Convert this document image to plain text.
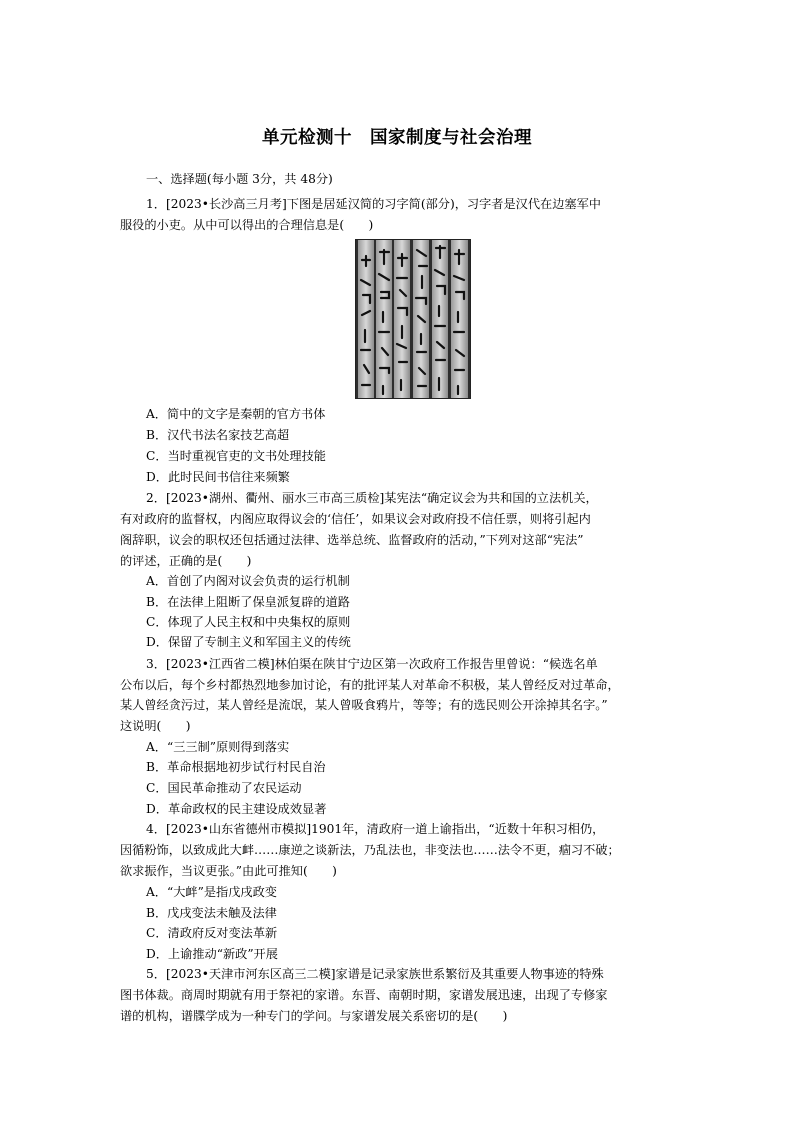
单元检测十　国家制度与社会治理
一、选择题(每小题 3分，共 48分)
1．[2023•长沙高三月考]下图是居延汉简的习字简(部分)，习字者是汉代在边塞军中
服役的小吏。从中可以得出的合理信息是(　　)
A．简中的文字是秦朝的官方书体
B．汉代书法名家技艺高超
C．当时重视官吏的文书处理技能
D．此时民间书信往来频繁
2．[2023•湖州、衢州、丽水三市高三质检]某宪法“确定议会为共和国的立法机关，
有对政府的监督权，内阁应取得议会的‘信任’，如果议会对政府投不信任票，则将引起内
阁辞职，议会的职权还包括通过法律、选举总统、监督政府的活动，”下列对这部“宪法”
的评述，正确的是(　　)
A．首创了内阁对议会负责的运行机制
B．在法律上阻断了保皇派复辟的道路
C．体现了人民主权和中央集权的原则
D．保留了专制主义和军国主义的传统
3．[2023•江西省二模]林伯渠在陕甘宁边区第一次政府工作报告里曾说：“候选名单
公布以后，每个乡村都热烈地参加讨论，有的批评某人对革命不积极，某人曾经反对过革命，
某人曾经贪污过，某人曾经是流氓，某人曾吸食鸦片，等等；有的选民则公开涂掉其名字。”
这说明(　　)
A．“三三制”原则得到落实
B．革命根据地初步试行村民自治
C．国民革命推动了农民运动
D．革命政权的民主建设成效显著
4．[2023•山东省德州市模拟]1901年，清政府一道上谕指出，“近数十年积习相仍，
因循粉饰，以致成此大衅……康逆之谈新法，乃乱法也，非变法也……法令不更，痼习不破；
欲求振作，当议更张。”由此可推知(　　)
A．“大衅”是指戊戌政变
B．戊戌变法未触及法律
C．清政府反对变法革新
D．上谕推动“新政”开展
5．[2023•天津市河东区高三二模]家谱是记录家族世系繁衍及其重要人物事迹的特殊
图书体裁。商周时期就有用于祭祀的家谱。东晋、南朝时期，家谱发展迅速，出现了专修家
谱的机构，谱牒学成为一种专门的学问。与家谱发展关系密切的是(　　)
